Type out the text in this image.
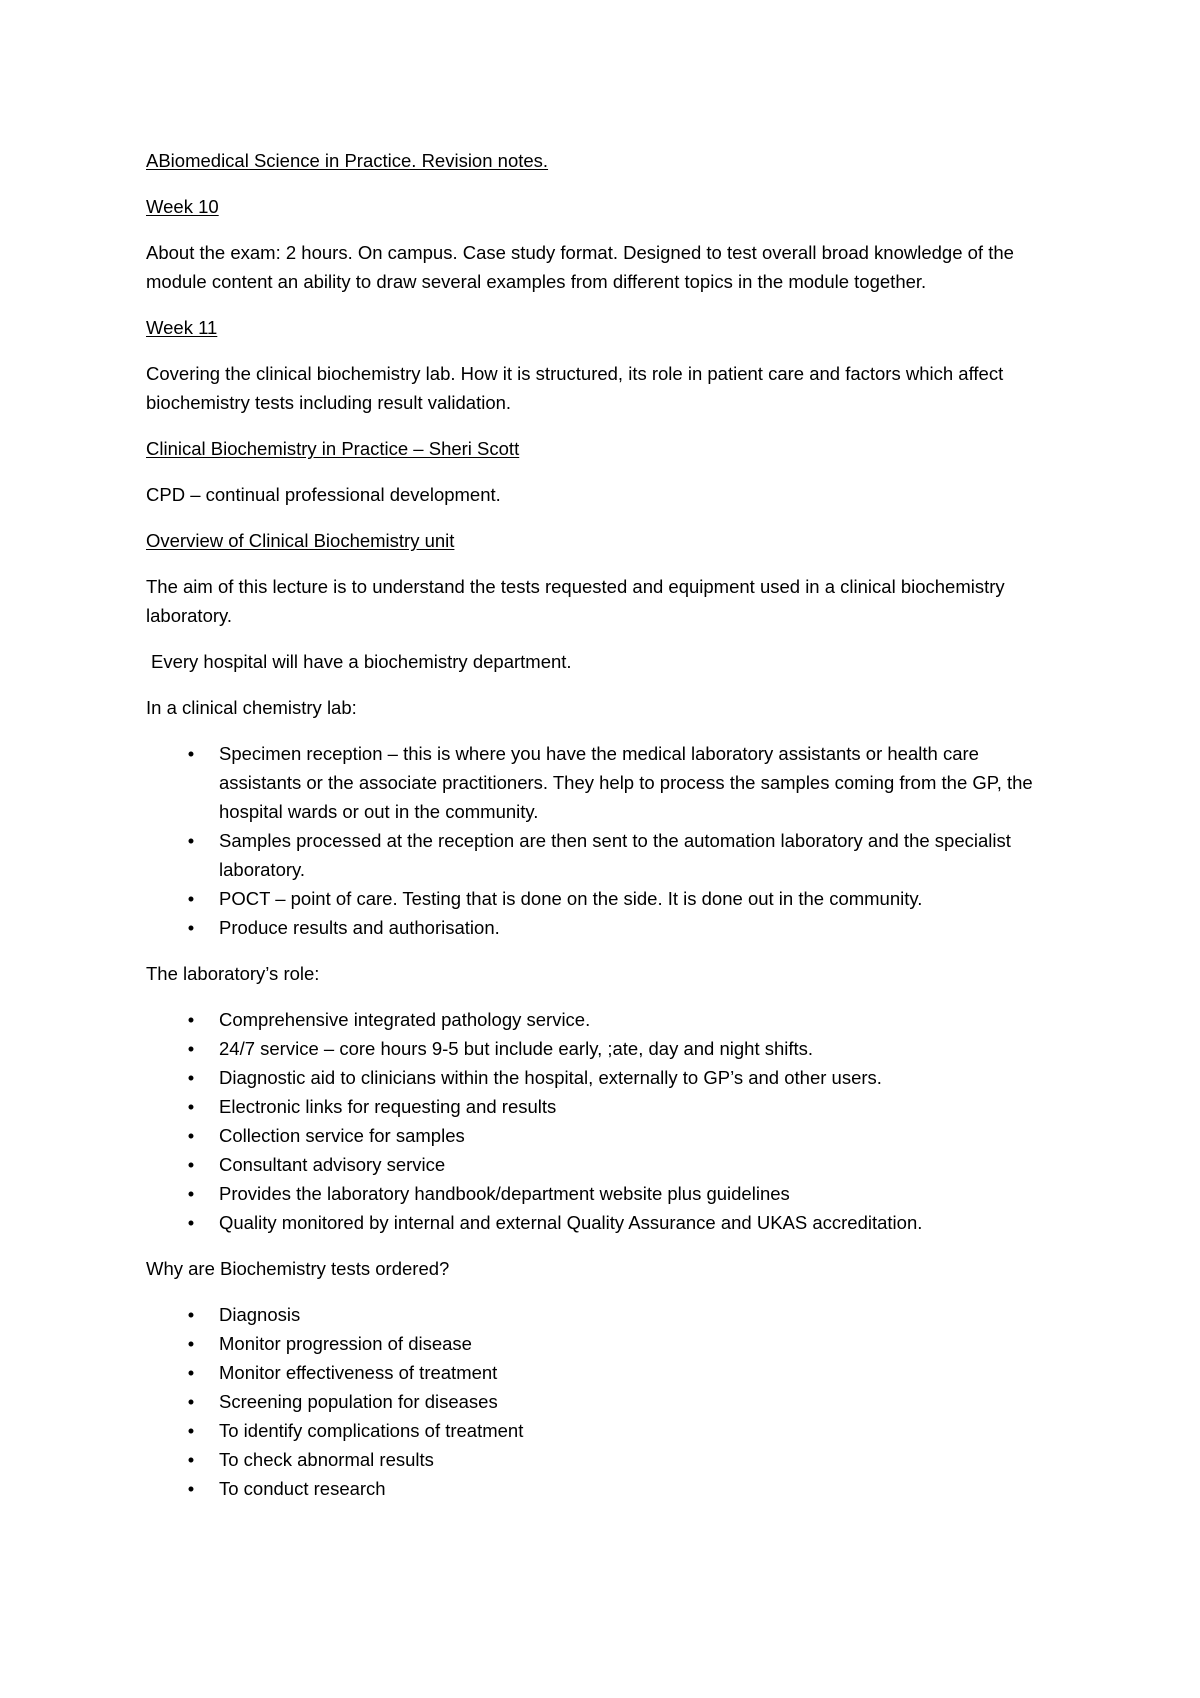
ABiomedical Science in Practice. Revision notes.

Week 10

About the exam: 2 hours. On campus. Case study format. Designed to test overall broad knowledge of the module content an ability to draw several examples from different topics in the module together.

Week 11

Covering the clinical biochemistry lab. How it is structured, its role in patient care and factors which affect biochemistry tests including result validation.

Clinical Biochemistry in Practice – Sheri Scott

CPD – continual professional development.

Overview of Clinical Biochemistry unit

The aim of this lecture is to understand the tests requested and equipment used in a clinical biochemistry laboratory.

Every hospital will have a biochemistry department.

In a clinical chemistry lab:

• Specimen reception – this is where you have the medical laboratory assistants or health care assistants or the associate practitioners. They help to process the samples coming from the GP, the hospital wards or out in the community.
• Samples processed at the reception are then sent to the automation laboratory and the specialist laboratory.
• POCT – point of care. Testing that is done on the side. It is done out in the community.
• Produce results and authorisation.

The laboratory’s role:

• Comprehensive integrated pathology service.
• 24/7 service – core hours 9-5 but include early, ;ate, day and night shifts.
• Diagnostic aid to clinicians within the hospital, externally to GP’s and other users.
• Electronic links for requesting and results
• Collection service for samples
• Consultant advisory service
• Provides the laboratory handbook/department website plus guidelines
• Quality monitored by internal and external Quality Assurance and UKAS accreditation.

Why are Biochemistry tests ordered?

• Diagnosis
• Monitor progression of disease
• Monitor effectiveness of treatment
• Screening population for diseases
• To identify complications of treatment
• To check abnormal results
• To conduct research
